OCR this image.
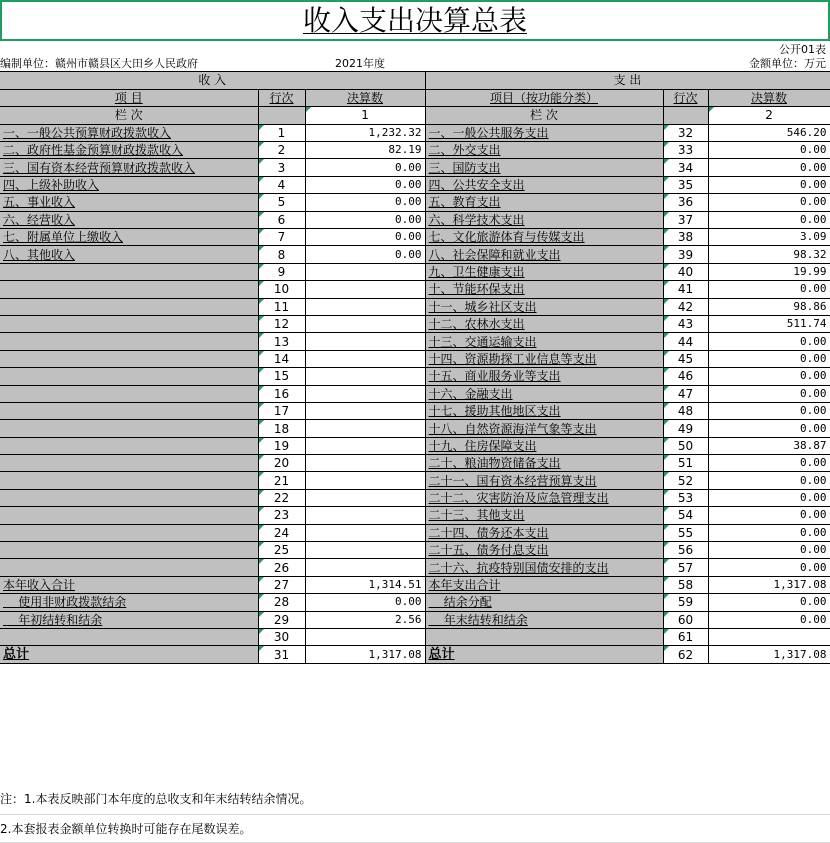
收入支出决算总表
公开01表
编制单位：赣州市赣县区大田乡人民政府	2021年度	金额单位：万元
收 入			支 出		
项 目	行次	决算数	项目（按功能分类）	行次	决算数
栏 次		1	栏 次		2
一、一般公共预算财政拨款收入	1	1,232.32	一、一般公共服务支出	32	546.20
二、政府性基金预算财政拨款收入	2	82.19	二、外交支出	33	0.00
三、国有资本经营预算财政拨款收入	3	0.00	三、国防支出	34	0.00
四、上级补助收入	4	0.00	四、公共安全支出	35	0.00
五、事业收入	5	0.00	五、教育支出	36	0.00
六、经营收入	6	0.00	六、科学技术支出	37	0.00
七、附属单位上缴收入	7	0.00	七、文化旅游体育与传媒支出	38	3.09
八、其他收入	8	0.00	八、社会保障和就业支出	39	98.32
	9		九、卫生健康支出	40	19.99
	10		十、节能环保支出	41	0.00
	11		十一、城乡社区支出	42	98.86
	12		十二、农林水支出	43	511.74
	13		十三、交通运输支出	44	0.00
	14		十四、资源勘探工业信息等支出	45	0.00
	15		十五、商业服务业等支出	46	0.00
	16		十六、金融支出	47	0.00
	17		十七、援助其他地区支出	48	0.00
	18		十八、自然资源海洋气象等支出	49	0.00
	19		十九、住房保障支出	50	38.87
	20		二十、粮油物资储备支出	51	0.00
	21		二十一、国有资本经营预算支出	52	0.00
	22		二十二、灾害防治及应急管理支出	53	0.00
	23		二十三、其他支出	54	0.00
	24		二十四、债务还本支出	55	0.00
	25		二十五、债务付息支出	56	0.00
	26		二十六、抗疫特别国债安排的支出	57	0.00
本年收入合计	27	1,314.51	本年支出合计	58	1,317.08
使用非财政拨款结余	28	0.00	结余分配	59	0.00
年初结转和结余	29	2.56	年末结转和结余	60	0.00
	30			61	
总计	31	1,317.08	总计	62	1,317.08
注：1.本表反映部门本年度的总收支和年末结转结余情况。
2.本套报表金额单位转换时可能存在尾数误差。
